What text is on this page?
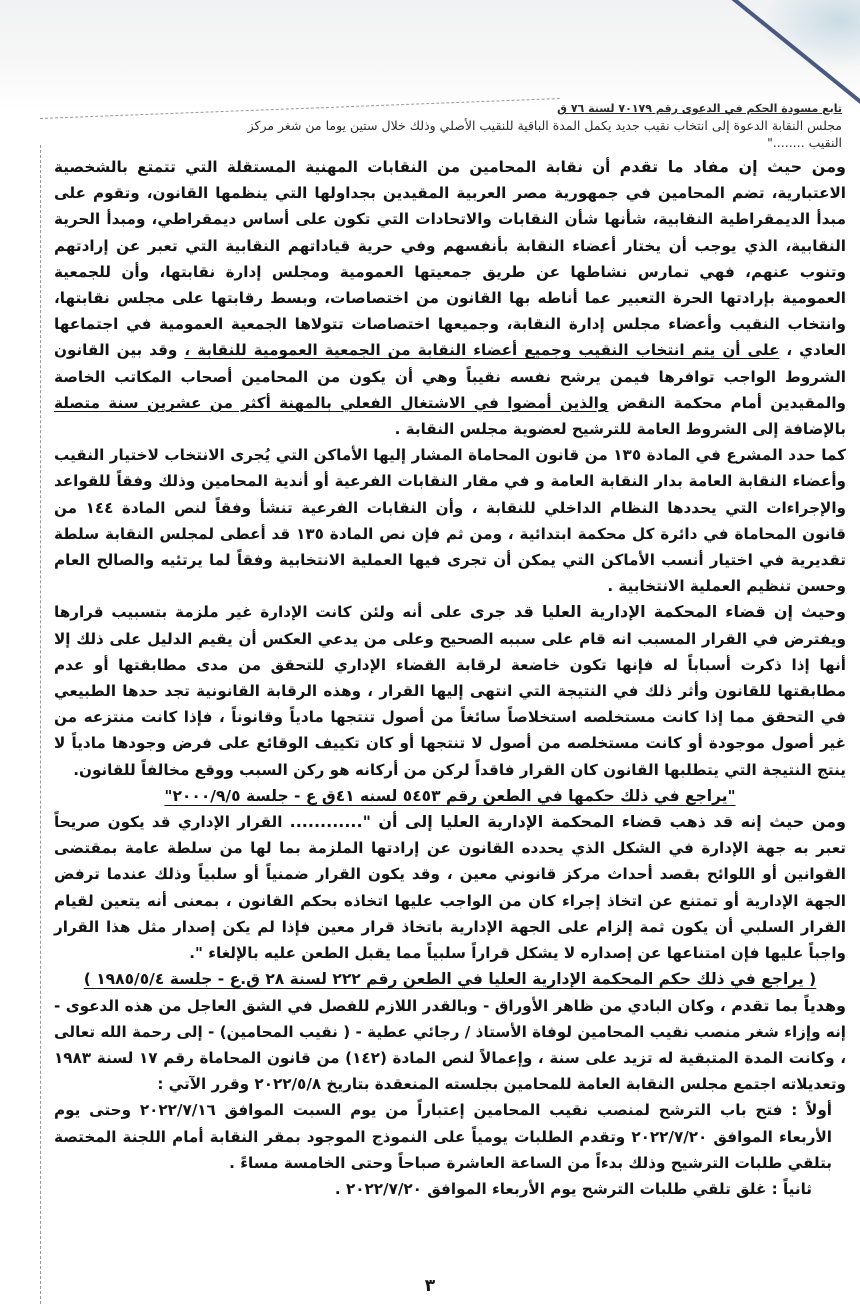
تابع مسودة الحكم في الدعوى رقم ٧٠١٧٩ لسنة ٧٦ ق
مجلس النقابة الدعوة إلى انتخاب نقيب جديد يكمل المدة الباقية للنقيب الأصلي وذلك خلال ستين يوما من شغر مركز
النقيب ........"

ومن حيث إن مفاد ما تقدم أن نقابة المحامين من النقابات المهنية المستقلة التي تتمتع بالشخصية الاعتبارية، تضم المحامين في جمهورية مصر العربية المقيدين بجداولها التي ينظمها القانون، وتقوم على مبدأ الديمقراطية النقابية، شأنها شأن النقابات والاتحادات التي تكون على أساس ديمقراطي، ومبدأ الحرية النقابية، الذي يوجب أن يختار أعضاء النقابة بأنفسهم وفي حرية قياداتهم النقابية التي تعبر عن إرادتهم وتنوب عنهم، فهي تمارس نشاطها عن طريق جمعيتها العمومية ومجلس إدارة نقابتها، وأن للجمعية العمومية بإرادتها الحرة التعبير عما أناطه بها القانون من اختصاصات، وبسط رقابتها على مجلس نقابتها، وانتخاب النقيب وأعضاء مجلس إدارة النقابة، وجميعها اختصاصات تتولاها الجمعية العمومية في اجتماعها العادي ، على أن يتم انتخاب النقيب وجميع أعضاء النقابة من الجمعية العمومية للنقابة ، وقد بين القانون الشروط الواجب توافرها فيمن يرشح نفسه نقيباً وهي أن يكون من المحامين أصحاب المكاتب الخاصة والمقيدين أمام محكمة النقض والذين أمضوا في الاشتغال الفعلي بالمهنة أكثر من عشرين سنة متصلة بالإضافة إلى الشروط العامة للترشيح لعضوية مجلس النقابة .

كما حدد المشرع في المادة ١٣٥ من قانون المحاماة المشار إليها الأماكن التي يُجرى الانتخاب لاختيار النقيب وأعضاء النقابة العامة بدار النقابة العامة و في مقار النقابات الفرعية أو أندية المحامين وذلك وفقاً للقواعد والإجراءات التي يحددها النظام الداخلي للنقابة ، وأن النقابات الفرعية تنشأ وفقاً لنص المادة ١٤٤ من قانون المحاماة في دائرة كل محكمة ابتدائية ، ومن ثم فإن نص المادة ١٣٥ قد أعطى لمجلس النقابة سلطة تقديرية في اختيار أنسب الأماكن التي يمكن أن تجرى فيها العملية الانتخابية وفقاً لما يرتئيه والصالح العام وحسن تنظيم العملية الانتخابية .

وحيث إن قضاء المحكمة الإدارية العليا قد جرى على أنه ولئن كانت الإدارة غير ملزمة بتسبيب قرارها ويفترض في القرار المسبب انه قام على سببه الصحيح وعلى من يدعي العكس أن يقيم الدليل على ذلك إلا أنها إذا ذكرت أسباباً له فإنها تكون خاضعة لرقابة القضاء الإداري للتحقق من مدى مطابقتها أو عدم مطابقتها للقانون وأثر ذلك في النتيجة التي انتهى إليها القرار ، وهذه الرقابة القانونية تجد حدها الطبيعي في التحقق مما إذا كانت مستخلصه استخلاصاً سائغاً من أصول تنتجها مادياً وقانوناً ، فإذا كانت منتزعه من غير أصول موجودة أو كانت مستخلصه من أصول لا تنتجها أو كان تكييف الوقائع على فرض وجودها مادياً لا ينتج النتيجة التي يتطلبها القانون كان القرار فاقداً لركن من أركانه هو ركن السبب ووقع مخالفاً للقانون.

"يراجع في ذلك حكمها في الطعن رقم ٥٤٥٣ لسنه ٤١ق ع - جلسة ٢٠٠٠/٩/٥"

ومن حيث إنه قد ذهب قضاء المحكمة الإدارية العليا إلى أن "............ القرار الإداري قد يكون صريحاً تعبر به جهة الإدارة في الشكل الذي يحدده القانون عن إرادتها الملزمة بما لها من سلطة عامة بمقتضى القوانين أو اللوائح بقصد أحداث مركز قانوني معين ، وقد يكون القرار ضمنياً أو سلبياً وذلك عندما ترفض الجهة الإدارية أو تمتنع عن اتخاذ إجراء كان من الواجب عليها اتخاذه بحكم القانون ، بمعنى أنه يتعين لقيام القرار السلبي أن يكون ثمة إلزام على الجهة الإدارية باتخاذ قرار معين فإذا لم يكن إصدار مثل هذا القرار واجباً عليها فإن امتناعها عن إصداره لا يشكل قراراً سلبياً مما يقبل الطعن عليه بالإلغاء ".

( يراجع في ذلك حكم المحكمة الإدارية العليا في الطعن رقم ٢٢٢ لسنة ٢٨ ق.ع - جلسة ١٩٨٥/٥/٤ )

وهدياً بما تقدم ، وكان البادي من ظاهر الأوراق - وبالقدر اللازم للفصل في الشق العاجل من هذه الدعوى - إنه وإزاء شغر منصب نقيب المحامين لوفاة الأستاذ / رجائي عطية - ( نقيب المحامين) - إلى رحمة الله تعالى ، وكانت المدة المتبقية له تزيد على سنة ، وإعمالاً لنص المادة (١٤٢) من قانون المحاماة رقم ١٧ لسنة ١٩٨٣ وتعديلاته اجتمع مجلس النقابة العامة للمحامين بجلسته المنعقدة بتاريخ ٢٠٢٢/٥/٨ وقرر الآتي :

أولاً : فتح باب الترشح لمنصب نقيب المحامين إعتباراً من يوم السبت الموافق ٢٠٢٢/٧/١٦ وحتى يوم الأربعاء الموافق ٢٠٢٢/٧/٢٠ وتقدم الطلبات يومياً على النموذج الموجود بمقر النقابة أمام اللجنة المختصة بتلقي طلبات الترشيح وذلك بدءاً من الساعة العاشرة صباحاً وحتى الخامسة مساءً .

ثانياً : غلق تلقي طلبات الترشح يوم الأربعاء الموافق ٢٠٢٢/٧/٢٠ .

٣
